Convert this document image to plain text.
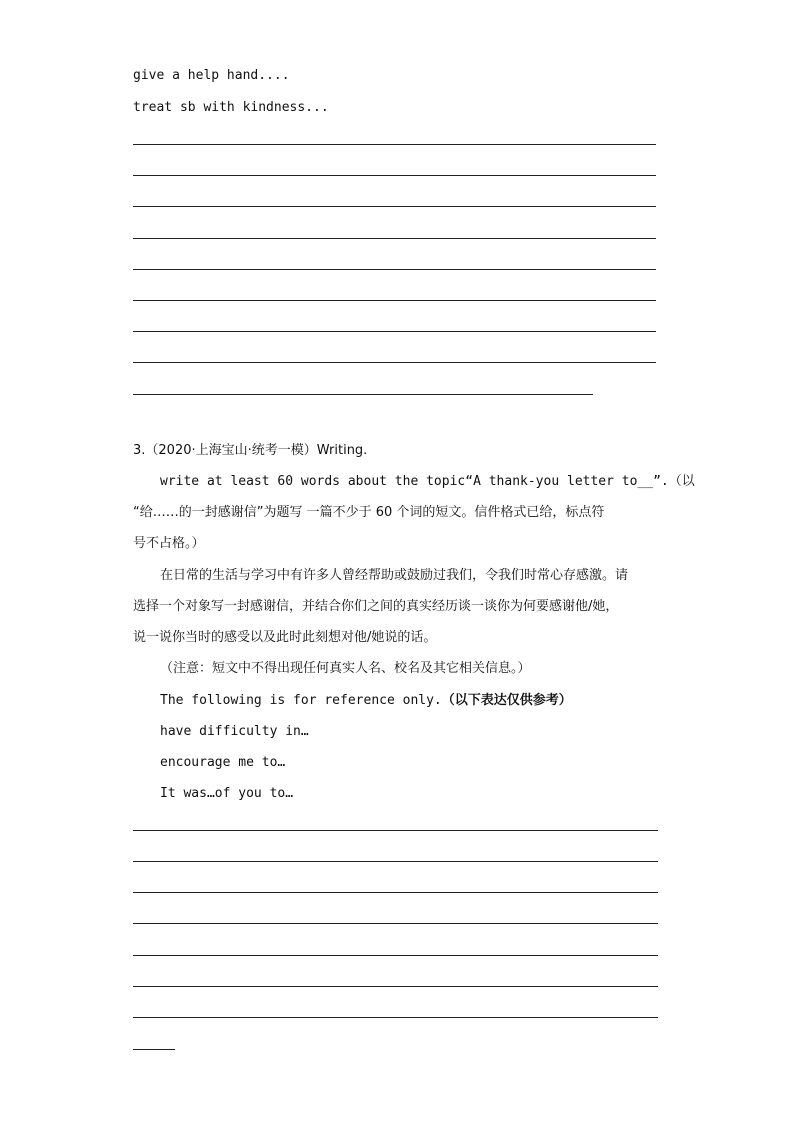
give a help hand....
treat sb with kindness...
3.（2020·上海宝山·统考一模）Writing.
write at least 60 words about the topic“A thank-you letter to__”.（以
“给……的一封感谢信”为题写 一篇不少于 60 个词的短文。信件格式已给，标点符
号不占格。）
在日常的生活与学习中有许多人曾经帮助或鼓励过我们，令我们时常心存感激。请
选择一个对象写一封感谢信，并结合你们之间的真实经历谈一谈你为何要感谢他/她，
说一说你当时的感受以及此时此刻想对他/她说的话。
（注意：短文中不得出现任何真实人名、校名及其它相关信息。）
The following is for reference only.（以下表达仅供参考）
have difficulty in…
encourage me to…
It was…of you to…
